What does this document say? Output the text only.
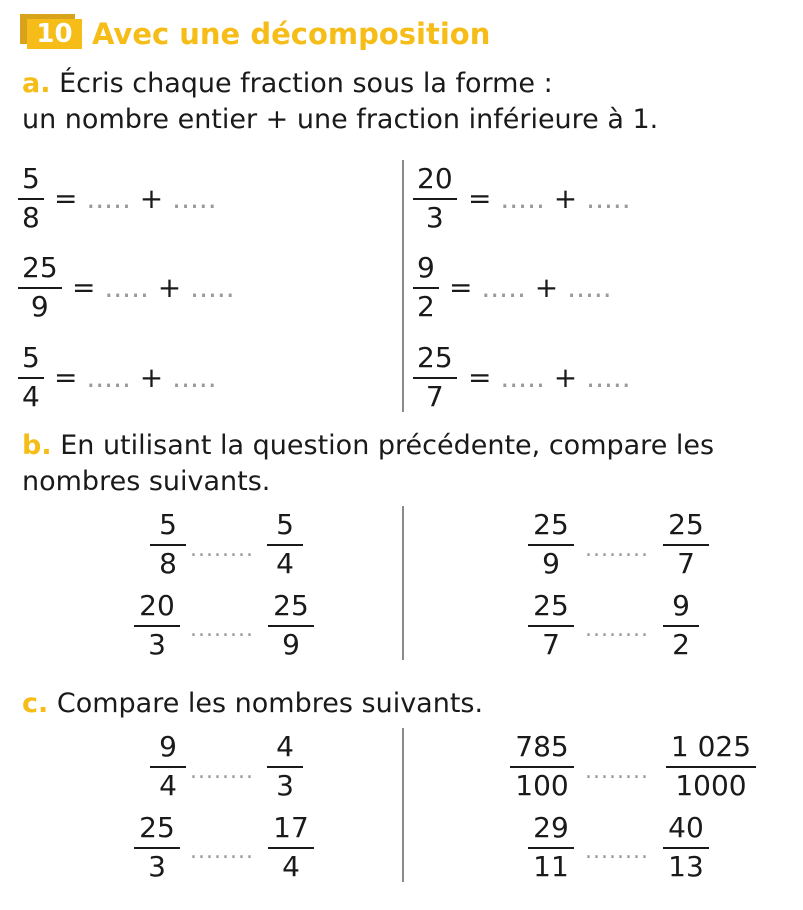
10 Avec une décomposition
a. Écris chaque fraction sous la forme :
un nombre entier + une fraction inférieure à 1.
5
8
= ..... + .....
25
9
= ..... + .....
5
4
= ..... + .....
20
3
= ..... + .....
9
2
= ..... + .....
25
7
= ..... + .....
b. En utilisant la question précédente, compare les
nombres suivants.
5
8 ........
5
4
20
3 ........
25
9
25
9 ........
25
7
25
7 ........
9
2
c. Compare les nombres suivants.
9
4 ........
4
3
25
3 ........
17
4
785
100 ........
1 025
1000
29
11 ........
40
13
